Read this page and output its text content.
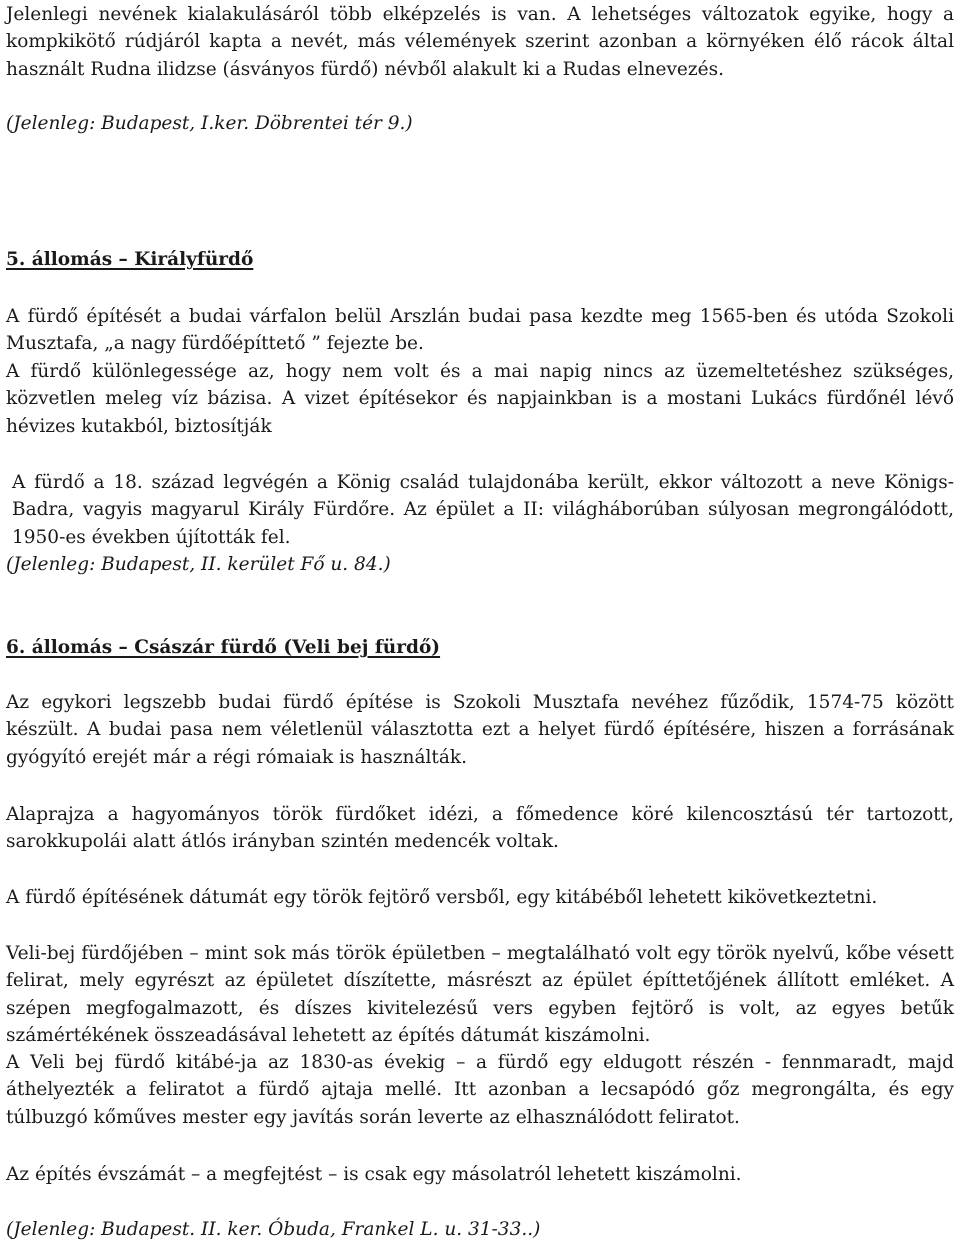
Jelenlegi nevének kialakulásáról több elképzelés is van. A lehetséges változatok egyike, hogy a kompkikötő rúdjáról kapta a nevét, más vélemények szerint azonban a környéken élő rácok által használt Rudna ilidzse (ásványos fürdő) névből alakult ki a Rudas elnevezés.

(Jelenleg: Budapest, I.ker. Döbrentei tér 9.)

5. állomás – Királyfürdő

A fürdő építését a budai várfalon belül Arszlán budai pasa kezdte meg 1565-ben és utóda Szokoli Musztafa, „a nagy fürdőépíttető ” fejezte be.

A fürdő különlegessége az, hogy nem volt és a mai napig nincs az üzemeltetéshez szükséges, közvetlen meleg víz bázisa. A vizet építésekor és napjainkban is a mostani Lukács fürdőnél lévő hévizes kutakból, biztosítják

A fürdő a 18. század legvégén a König család tulajdonába került, ekkor változott a neve Königs-Badra, vagyis magyarul Király Fürdőre. Az épület a II: világháborúban súlyosan megrongálódott, 1950-es években újították fel.

(Jelenleg: Budapest, II. kerület Fő u. 84.)

6. állomás – Császár fürdő (Veli bej fürdő)

Az egykori legszebb budai fürdő építése is Szokoli Musztafa nevéhez fűződik, 1574-75 között készült. A budai pasa nem véletlenül választotta ezt a helyet fürdő építésére, hiszen a forrásának gyógyító erejét már a régi rómaiak is használták.

Alaprajza a hagyományos török fürdőket idézi, a főmedence köré kilencosztású tér tartozott, sarokkupolái alatt átlós irányban szintén medencék voltak.

A fürdő építésének dátumát egy török fejtörő versből, egy kitábéből lehetett kikövetkeztetni.

Veli-bej fürdőjében – mint sok más török épületben – megtalálható volt egy török nyelvű, kőbe vésett felirat, mely egyrészt az épületet díszítette, másrészt az épület építtetőjének állított emléket. A szépen megfogalmazott, és díszes kivitelezésű vers egyben fejtörő is volt, az egyes betűk számértékének összeadásával lehetett az építés dátumát kiszámolni.

A Veli bej fürdő kitábé-ja az 1830-as évekig – a fürdő egy eldugott részén - fennmaradt, majd áthelyezték a feliratot a fürdő ajtaja mellé. Itt azonban a lecsapódó gőz megrongálta, és egy túlbuzgó kőműves mester egy javítás során leverte az elhasználódott feliratot.

Az építés évszámát – a megfejtést – is csak egy másolatról lehetett kiszámolni.

(Jelenleg: Budapest. II. ker. Óbuda, Frankel L. u. 31-33..)
